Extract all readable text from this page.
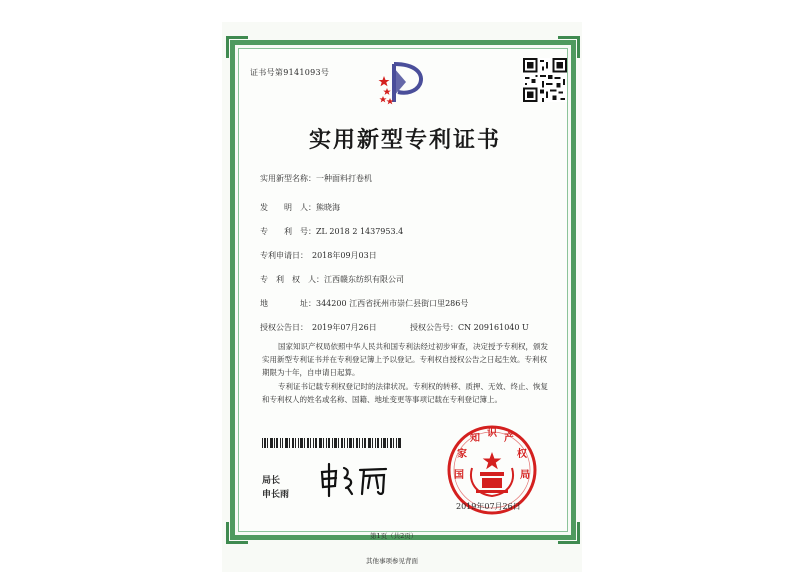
证书号第9141093号
实用新型专利证书
实用新型名称：一种面料打卷机
发　　明　人：熊晓海
专　　利　号：ZL 2018 2 1437953.4
专利申请日： 2018年09月03日
专　利　权　人：江西赣东纺织有限公司
地　　　　址：344200 江西省抚州市崇仁县街口里286号
授权公告日： 2019年07月26日	授权公告号：CN 209161040 U
国家知识产权局依照中华人民共和国专利法经过初步审查，决定授予专利权，颁发实用新型专利证书并在专利登记簿上予以登记。专利权自授权公告之日起生效。专利权期限为十年，自申请日起算。
专利证书记载专利权登记时的法律状况。专利权的转移、质押、无效、终止、恢复和专利权人的姓名或名称、国籍、地址变更等事项记载在专利登记簿上。
局长
申长雨
国
家
知 识 产
权
局
2019年07月26日
第1页（共2页）
其他事项参见背面
